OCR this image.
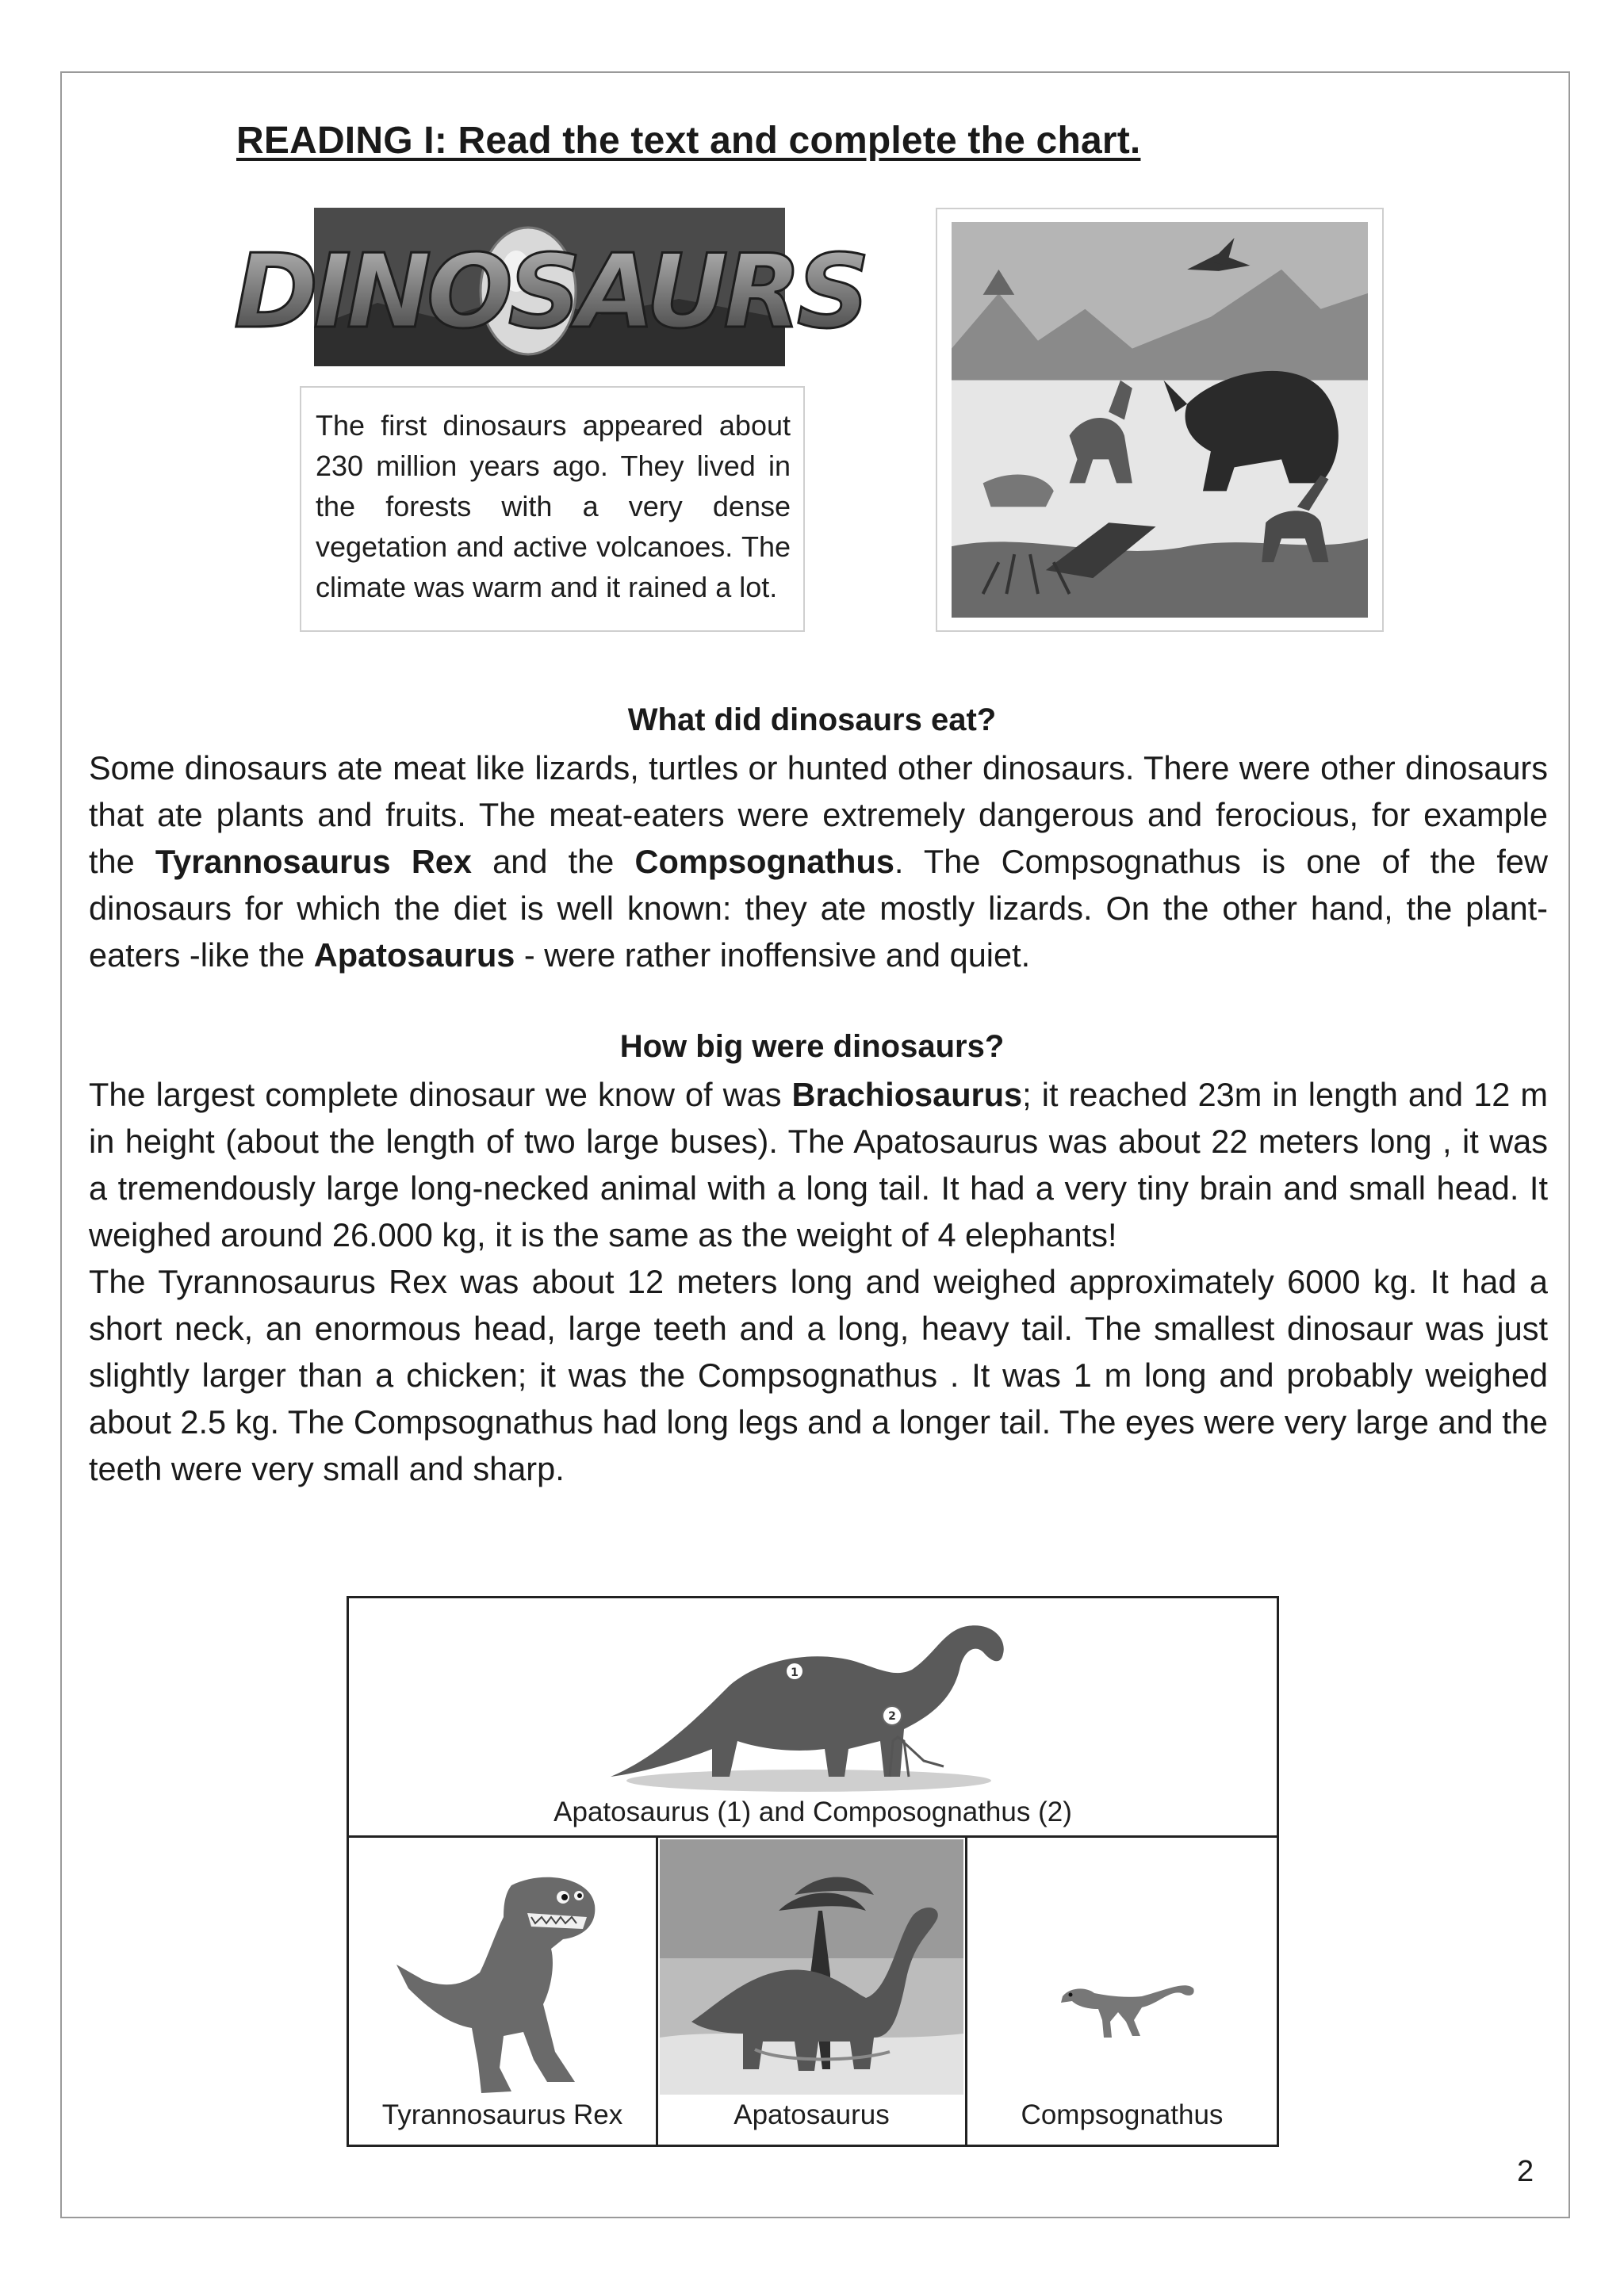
READING I: Read the text and complete the chart.
DINOSAURS

The first dinosaurs appeared about 230 million years ago. They lived in the forests with a very dense vegetation and active volcanoes. The climate was warm and it rained a lot.

What did dinosaurs eat?

Some dinosaurs ate meat like lizards, turtles or hunted other dinosaurs. There were other dinosaurs that ate plants and fruits. The meat-eaters were extremely dangerous and ferocious, for example the Tyrannosaurus Rex and the Compsognathus. The Compsognathus is one of the few dinosaurs for which the diet is well known: they ate mostly lizards. On the other hand, the plant-eaters -like the Apatosaurus - were rather inoffensive and quiet.

How big were dinosaurs?

The largest complete dinosaur we know of was Brachiosaurus; it reached 23m in length and 12 m in height (about the length of two large buses). The Apatosaurus was about 22 meters long , it was a tremendously large long-necked animal with a long tail. It had a very tiny brain and small head. It weighed around 26.000 kg, it is the same as the weight of 4 elephants!
The Tyrannosaurus Rex was about 12 meters long and weighed approximately 6000 kg. It had a short neck, an enormous head, large teeth and a long, heavy tail. The smallest dinosaur was just slightly larger than a chicken; it was the Compsognathus . It was 1 m long and probably weighed about 2.5 kg. The Compsognathus had long legs and a longer tail. The eyes were very large and the teeth were very small and sharp.

1
2
Apatosaurus (1) and Composognathus (2)
Tyrannosaurus Rex	Apatosaurus	Compsognathus
2
